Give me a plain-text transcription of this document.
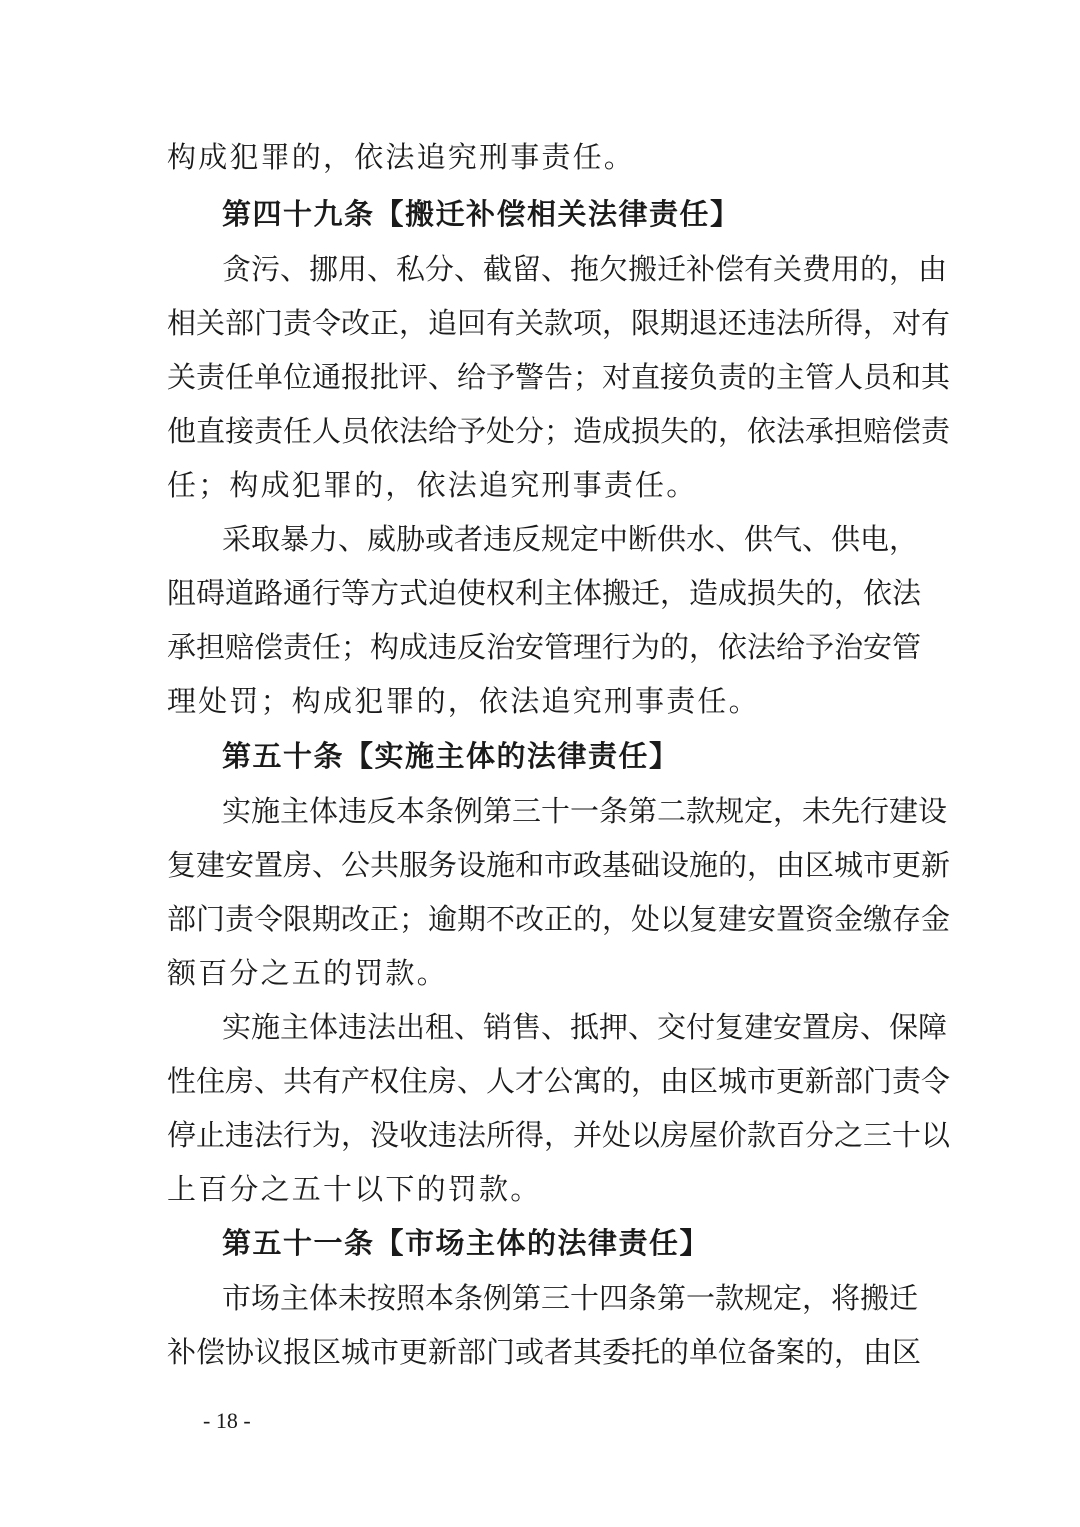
构成犯罪的，依法追究刑事责任。
第四十九条【搬迁补偿相关法律责任】
贪污、挪用、私分、截留、拖欠搬迁补偿有关费用的，由
相关部门责令改正，追回有关款项，限期退还违法所得，对有
关责任单位通报批评、给予警告；对直接负责的主管人员和其
他直接责任人员依法给予处分；造成损失的，依法承担赔偿责
任；构成犯罪的，依法追究刑事责任。
采取暴力、威胁或者违反规定中断供水、供气、供电，
阻碍道路通行等方式迫使权利主体搬迁，造成损失的，依法
承担赔偿责任；构成违反治安管理行为的，依法给予治安管
理处罚；构成犯罪的，依法追究刑事责任。
第五十条【实施主体的法律责任】
实施主体违反本条例第三十一条第二款规定，未先行建设
复建安置房、公共服务设施和市政基础设施的，由区城市更新
部门责令限期改正；逾期不改正的，处以复建安置资金缴存金
额百分之五的罚款。
实施主体违法出租、销售、抵押、交付复建安置房、保障
性住房、共有产权住房、人才公寓的，由区城市更新部门责令
停止违法行为，没收违法所得，并处以房屋价款百分之三十以
上百分之五十以下的罚款。
第五十一条【市场主体的法律责任】
市场主体未按照本条例第三十四条第一款规定，将搬迁
补偿协议报区城市更新部门或者其委托的单位备案的，由区
- 18 -
